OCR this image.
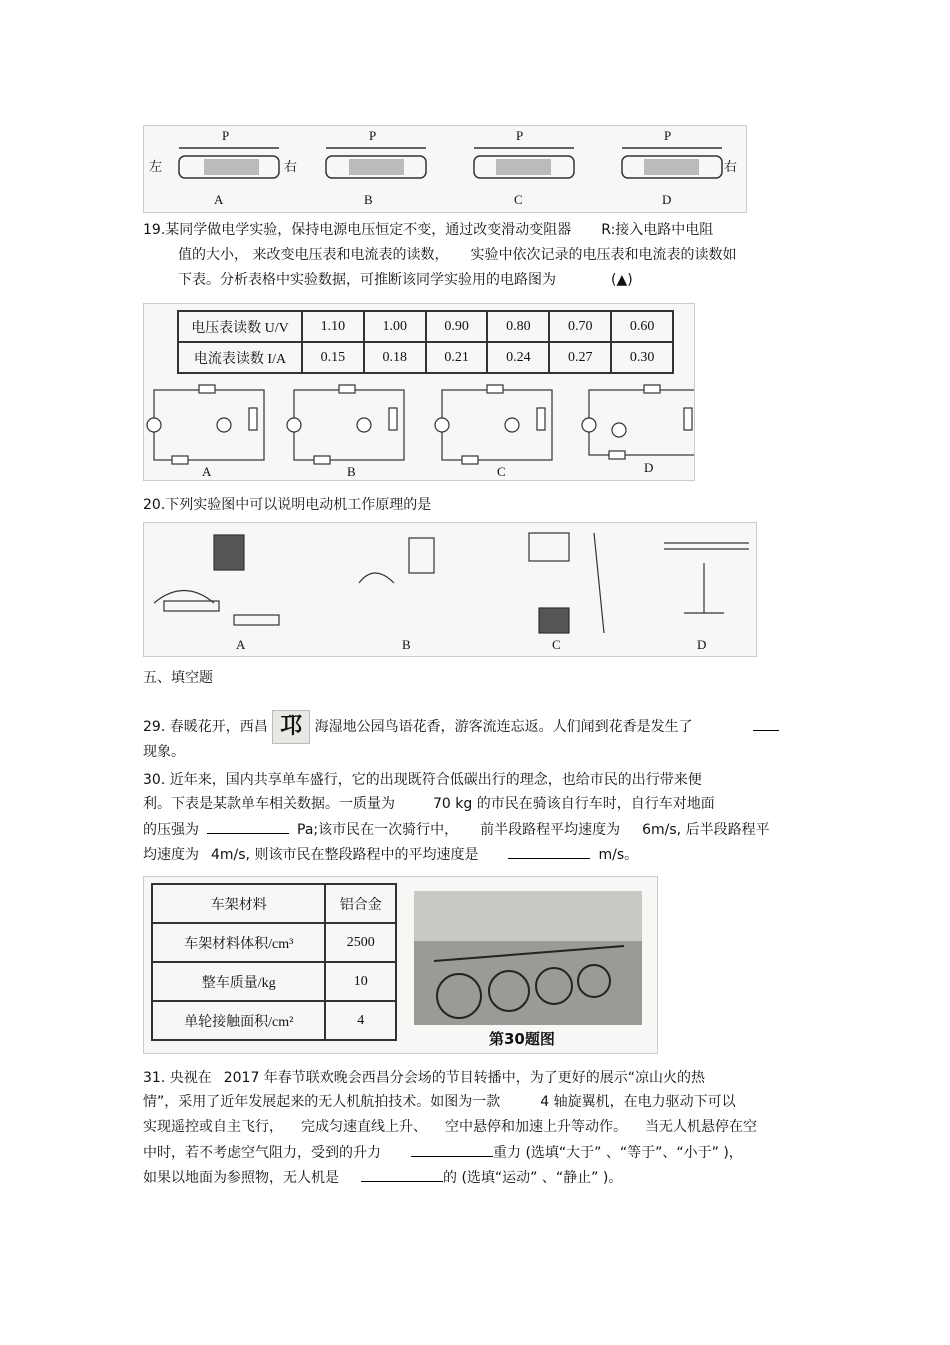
P	P	P	P
左	右	右
A	B	C	D
19.某同学做电学实验，保持电源电压恒定不变，通过改变滑动变阻器 R:接入电路中电阻
值的大小， 来改变电压表和电流表的读数， 实验中依次记录的电压表和电流表的读数如
下表。分析表格中实验数据，可推断该同学实验用的电路图为	(▲)
电压表读数 U/V	1.10	1.00	0.90	0.80	0.70	0.60
电流表读数 I/A	0.15	0.18	0.21	0.24	0.27	0.30
A	B	C	D
20.下列实验图中可以说明电动机工作原理的是
A	B	C	D
五、填空题
29. 春暖花开，西昌 邛 海湿地公园鸟语花香，游客流连忘返。人们闻到花香是发生了
现象。
30. 近年来，国内共享单车盛行，它的出现既符合低碳出行的理念，也给市民的出行带来便
利。下表是某款单车相关数据。一质量为	70 kg 的市民在骑该自行车时，自行车对地面
的压强为	Pa;该市民在一次骑行中， 前半段路程平均速度为 6m/s, 后半段路程平
均速度为 4m/s, 则该市民在整段路程中的平均速度是	m/s。
车架材料	铝合金
车架材料体积/cm³	2500
整车质量/kg	10
单轮接触面积/cm²	4
第30题图
31. 央视在 2017 年春节联欢晚会西昌分会场的节目转播中，为了更好的展示“凉山火的热
情”，采用了近年发展起来的无人机航拍技术。如图为一款	4 轴旋翼机，在电力驱动下可以
实现遥控或自主飞行， 完成匀速直线上升、 空中悬停和加速上升等动作。 当无人机悬停在空
中时，若不考虑空气阻力，受到的升力	重力 (选填“大于” 、“等于”、“小于” )，
如果以地面为参照物，无人机是	的 (选填“运动” 、“静止” )。
